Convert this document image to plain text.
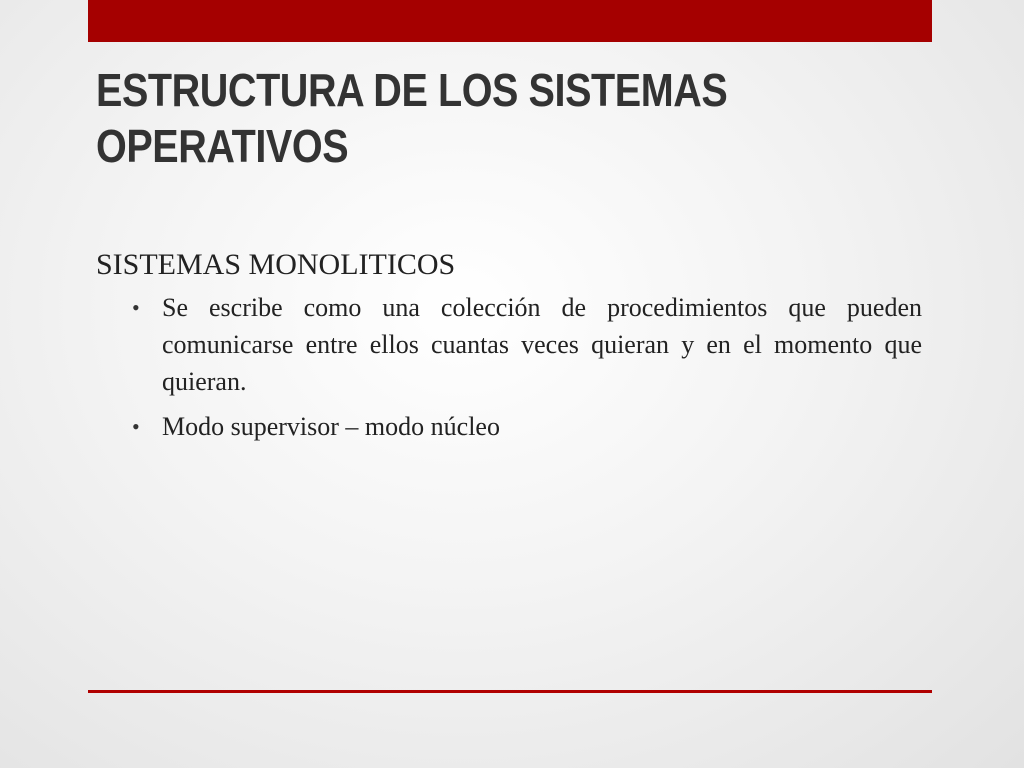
ESTRUCTURA DE LOS SISTEMAS
OPERATIVOS
SISTEMAS MONOLITICOS
• Se escribe como una colección de procedimientos que pueden comunicarse entre ellos cuantas veces quieran y en el momento que quieran.
• Modo supervisor – modo núcleo
